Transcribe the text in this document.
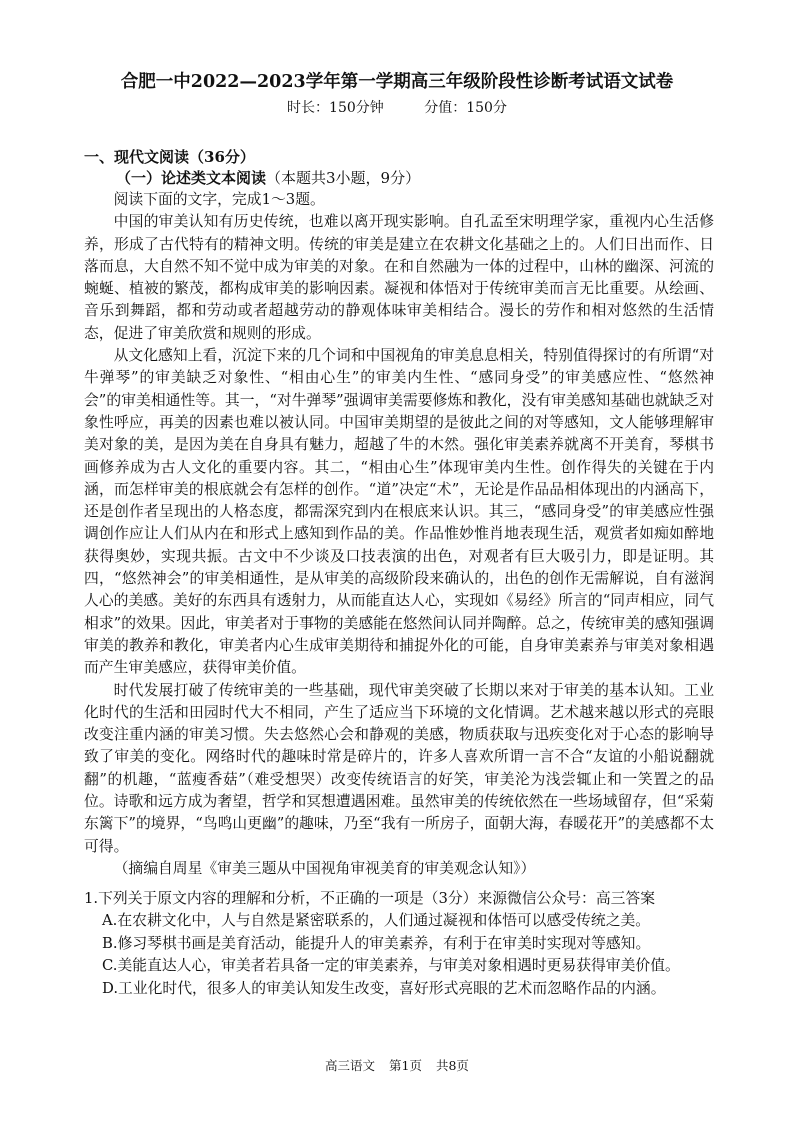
合肥一中2022—2023学年第一学期高三年级阶段性诊断考试语文试卷
时长：150分钟	分值：150分
一、现代文阅读（36分）
（一）论述类文本阅读（本题共3小题，9分）

阅读下面的文字，完成1～3题。

中国的审美认知有历史传统，也难以离开现实影响。自孔孟至宋明理学家，重视内心生活修养，形成了古代特有的精神文明。传统的审美是建立在农耕文化基础之上的。人们日出而作、日落而息，大自然不知不觉中成为审美的对象。在和自然融为一体的过程中，山林的幽深、河流的蜿蜒、植被的繁茂，都构成审美的影响因素。凝视和体悟对于传统审美而言无比重要。从绘画、音乐到舞蹈，都和劳动或者超越劳动的静观体味审美相结合。漫长的劳作和相对悠然的生活情态，促进了审美欣赏和规则的形成。

从文化感知上看，沉淀下来的几个词和中国视角的审美息息相关，特别值得探讨的有所谓“对牛弹琴”的审美缺乏对象性、“相由心生”的审美内生性、“感同身受”的审美感应性、“悠然神会”的审美相通性等。其一，“对牛弹琴”强调审美需要修炼和教化，没有审美感知基础也就缺乏对象性呼应，再美的因素也难以被认同。中国审美期望的是彼此之间的对等感知，文人能够理解审美对象的美，是因为美在自身具有魅力，超越了牛的木然。强化审美素养就离不开美育，琴棋书画修养成为古人文化的重要内容。其二，“相由心生”体现审美内生性。创作得失的关键在于内涵，而怎样审美的根底就会有怎样的创作。“道”决定“术”，无论是作品品相体现出的内涵高下，还是创作者呈现出的人格态度，都需深究到内在根底来认识。其三，“感同身受”的审美感应性强调创作应让人们从内在和形式上感知到作品的美。作品惟妙惟肖地表现生活，观赏者如痴如醉地获得奥妙，实现共振。古文中不少谈及口技表演的出色，对观者有巨大吸引力，即是证明。其四，“悠然神会”的审美相通性，是从审美的高级阶段来确认的，出色的创作无需解说，自有滋润人心的美感。美好的东西具有透射力，从而能直达人心，实现如《易经》所言的“同声相应，同气相求”的效果。因此，审美者对于事物的美感能在悠然间认同并陶醉。总之，传统审美的感知强调审美的教养和教化，审美者内心生成审美期待和捕捉外化的可能，自身审美素养与审美对象相遇而产生审美感应，获得审美价值。

时代发展打破了传统审美的一些基础，现代审美突破了长期以来对于审美的基本认知。工业化时代的生活和田园时代大不相同，产生了适应当下环境的文化情调。艺术越来越以形式的亮眼改变注重内涵的审美习惯。失去悠然心会和静观的美感，物质获取与迅疾变化对于心态的影响导致了审美的变化。网络时代的趣味时常是碎片的，许多人喜欢所谓一言不合“友谊的小船说翻就翻”的机趣，“蓝瘦香菇”（难受想哭）改变传统语言的好笑，审美沦为浅尝辄止和一笑置之的品位。诗歌和远方成为奢望，哲学和冥想遭遇困难。虽然审美的传统依然在一些场域留存，但“采菊东篱下”的境界，“鸟鸣山更幽”的趣味，乃至“我有一所房子，面朝大海，春暖花开”的美感都不太可得。

（摘编自周星《审美三题从中国视角审视美育的审美观念认知》）

1.下列关于原文内容的理解和分析，不正确的一项是（3分）来源微信公众号：高三答案
A.在农耕文化中，人与自然是紧密联系的，人们通过凝视和体悟可以感受传统之美。
B.修习琴棋书画是美育活动，能提升人的审美素养，有利于在审美时实现对等感知。
C.美能直达人心，审美者若具备一定的审美素养，与审美对象相遇时更易获得审美价值。
D.工业化时代，很多人的审美认知发生改变，喜好形式亮眼的艺术而忽略作品的内涵。
高三语文 第1页 共8页
